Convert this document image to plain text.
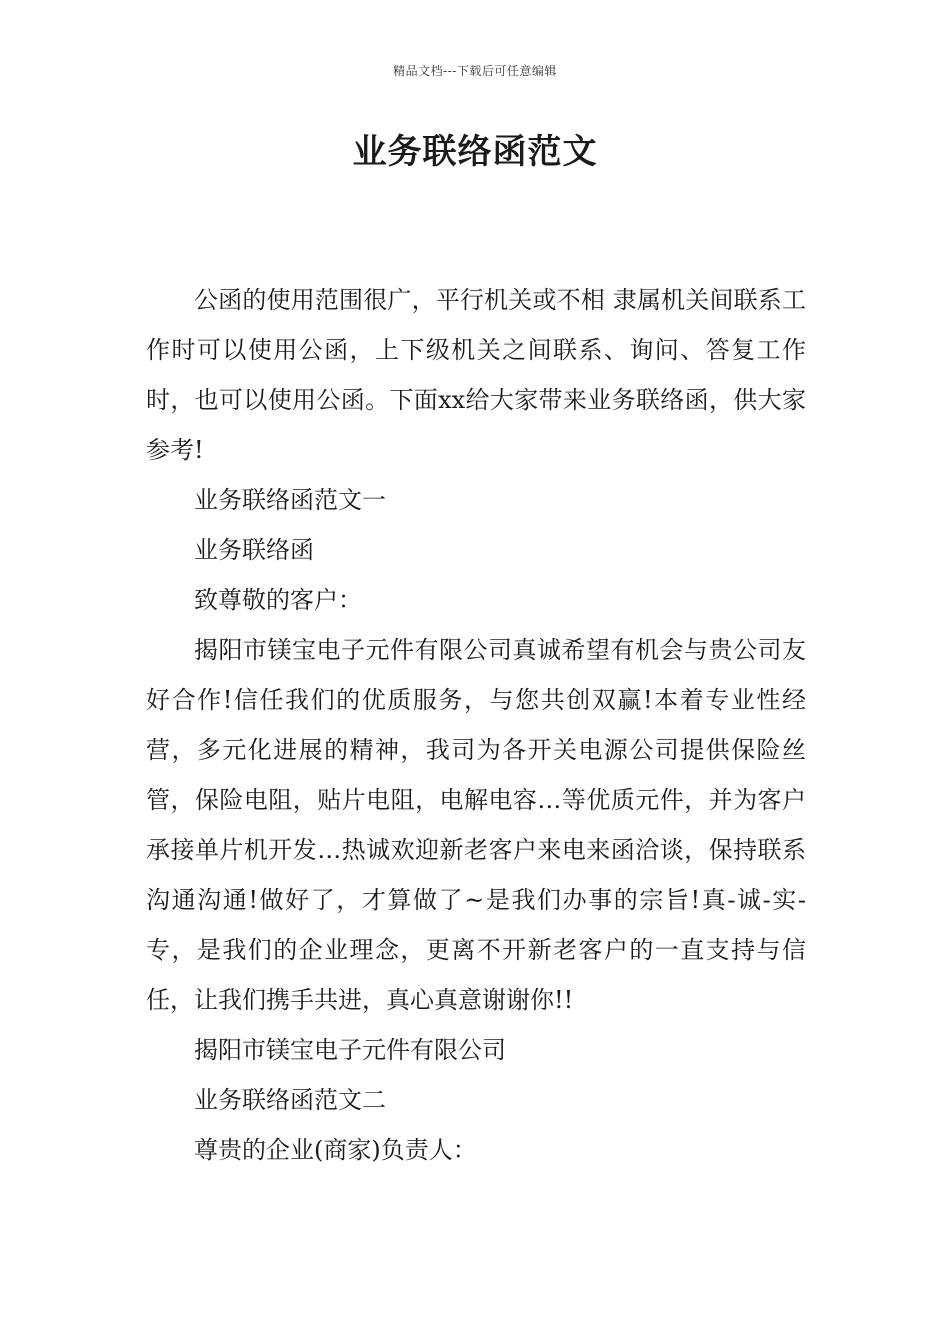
精品文档---下载后可任意编辑
业务联络函范文

公函的使用范围很广，平行机关或不相 隶属机关间联系工作时可以使用公函，上下级机关之间联系、询问、答复工作时，也可以使用公函。下面xx给大家带来业务联络函，供大家参考!

业务联络函范文一

业务联络函

致尊敬的客户：

揭阳市镁宝电子元件有限公司真诚希望有机会与贵公司友好合作!信任我们的优质服务，与您共创双赢!本着专业性经营，多元化进展的精神，我司为各开关电源公司提供保险丝管，保险电阻，贴片电阻，电解电容…等优质元件，并为客户承接单片机开发…热诚欢迎新老客户来电来函洽谈，保持联系沟通沟通!做好了，才算做了~是我们办事的宗旨!真-诚-实-专，是我们的企业理念，更离不开新老客户的一直支持与信任，让我们携手共进，真心真意谢谢你!!

揭阳市镁宝电子元件有限公司

业务联络函范文二

尊贵的企业(商家)负责人：
